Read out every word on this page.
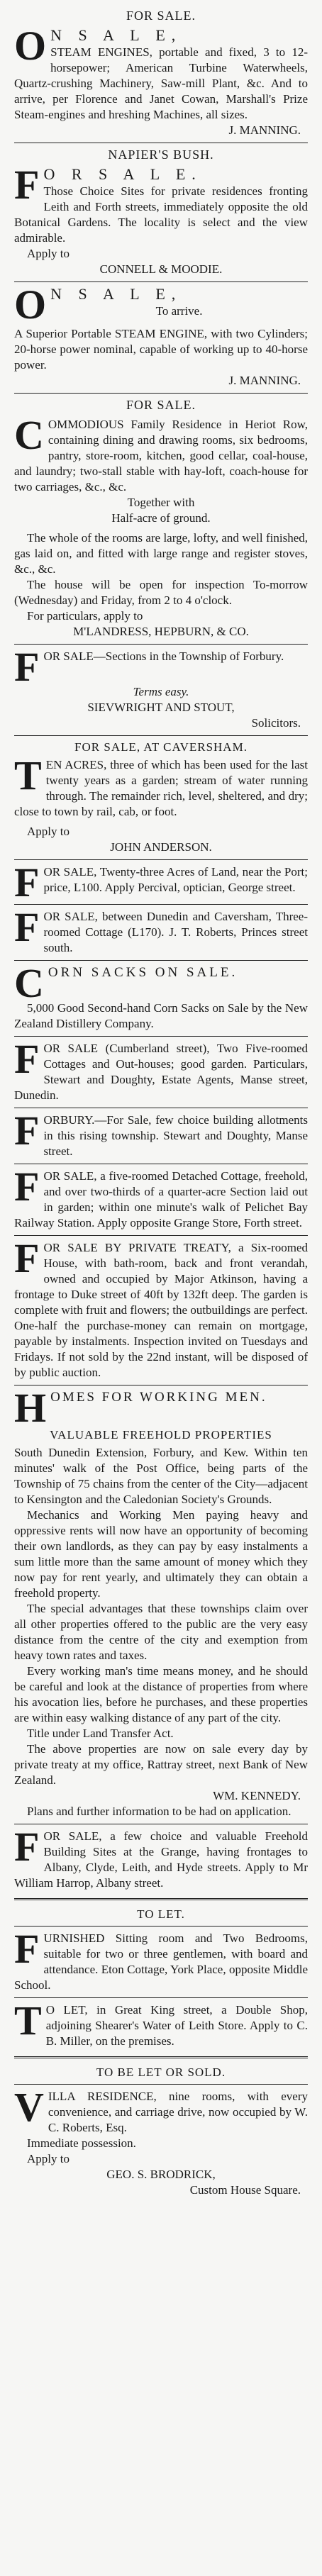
FOR SALE.

O N S A L E,
STEAM ENGINES, portable and fixed, 3 to 12-horsepower; American Turbine Waterwheels, Quartz-crushing Machinery, Saw-mill Plant, &c. And to arrive, per Florence and Janet Cowan, Marshall's Prize Steam-engines and hreshing Machines, all sizes.

J. MANNING.
NAPIER'S BUSH.

F O R S A L E.
Those Choice Sites for private residences fronting Leith and Forth streets, immediately opposite the old Botanical Gardens. The locality is select and the view admirable.

Apply to

CONNELL & MOODIE.

O N S A L E,

To arrive.

A Superior Portable STEAM ENGINE, with two Cylinders; 20-horse power nominal, capable of working up to 40-horse power.

J. MANNING.
FOR SALE.

COMMODIOUS Family Residence in Heriot Row, containing dining and drawing rooms, six bedrooms, pantry, store-room, kitchen, good cellar, coal-house, and laundry; two-stall stable with hay-loft, coach-house for two carriages, &c., &c.

Together with
Half-acre of ground.

The whole of the rooms are large, lofty, and well finished, gas laid on, and fitted with large range and register stoves, &c., &c.

The house will be open for inspection To-morrow (Wednesday) and Friday, from 2 to 4 o'clock.

For particulars, apply to

M'LANDRESS, HEPBURN, & CO.

FOR SALE—Sections in the Township of Forbury.

Terms easy.
SIEVWRIGHT AND STOUT,
Solicitors.
FOR SALE, AT CAVERSHAM.

TEN ACRES, three of which has been used for the last twenty years as a garden; stream of water running through. The remainder rich, level, sheltered, and dry; close to town by rail, cab, or foot.

Apply to

JOHN ANDERSON.

FOR SALE, Twenty-three Acres of Land, near the Port; price, L100. Apply Percival, optician, George street.

FOR SALE, between Dunedin and Caversham, Three-roomed Cottage (L170). J. T. Roberts, Princes street south.

CORN SACKS ON SALE.

5,000 Good Second-hand Corn Sacks on Sale by the New Zealand Distillery Company.

FOR SALE (Cumberland street), Two Five-roomed Cottages and Out-houses; good garden. Particulars, Stewart and Doughty, Estate Agents, Manse street, Dunedin.

FORBURY.—For Sale, few choice building allotments in this rising township. Stewart and Doughty, Manse street.

FOR SALE, a five-roomed Detached Cottage, freehold, and over two-thirds of a quarter-acre Section laid out in garden; within one minute's walk of Pelichet Bay Railway Station. Apply opposite Grange Store, Forth street.

FOR SALE BY PRIVATE TREATY, a Six-roomed House, with bath-room, back and front verandah, owned and occupied by Major Atkinson, having a frontage to Duke street of 40ft by 132ft deep. The garden is complete with fruit and flowers; the outbuildings are perfect. One-half the purchase-money can remain on mortgage, payable by instalments. Inspection invited on Tuesdays and Fridays. If not sold by the 22nd instant, will be disposed of by public auction.

HOMES FOR WORKING MEN.

VALUABLE FREEHOLD PROPERTIES

South Dunedin Extension, Forbury, and Kew. Within ten minutes' walk of the Post Office, being parts of the Township of 75 chains from the center of the City—adjacent to Kensington and the Caledonian Society's Grounds.

Mechanics and Working Men paying heavy and oppressive rents will now have an opportunity of becoming their own landlords, as they can pay by easy instalments a sum little more than the same amount of money which they now pay for rent yearly, and ultimately they can obtain a freehold property.

The special advantages that these townships claim over all other properties offered to the public are the very easy distance from the centre of the city and exemption from heavy town rates and taxes.

Every working man's time means money, and he should be careful and look at the distance of properties from where his avocation lies, before he purchases, and these properties are within easy walking distance of any part of the city.

Title under Land Transfer Act.

The above properties are now on sale every day by private treaty at my office, Rattray street, next Bank of New Zealand.

WM. KENNEDY.

Plans and further information to be had on application.

FOR SALE, a few choice and valuable Freehold Building Sites at the Grange, having frontages to Albany, Clyde, Leith, and Hyde streets. Apply to Mr William Harrop, Albany street.

TO LET.

FURNISHED Sitting room and Two Bedrooms, suitable for two or three gentlemen, with board and attendance. Eton Cottage, York Place, opposite Middle School.

T O LET, in Great King street, a Double Shop, adjoining Shearer's Water of Leith Store. Apply to C. B. Miller, on the premises.

TO BE LET OR SOLD.

VILLA RESIDENCE, nine rooms, with every convenience, and carriage drive, now occupied by W. C. Roberts, Esq.

Immediate possession.

Apply to

GEO. S. BRODRICK,
Custom House Square.
